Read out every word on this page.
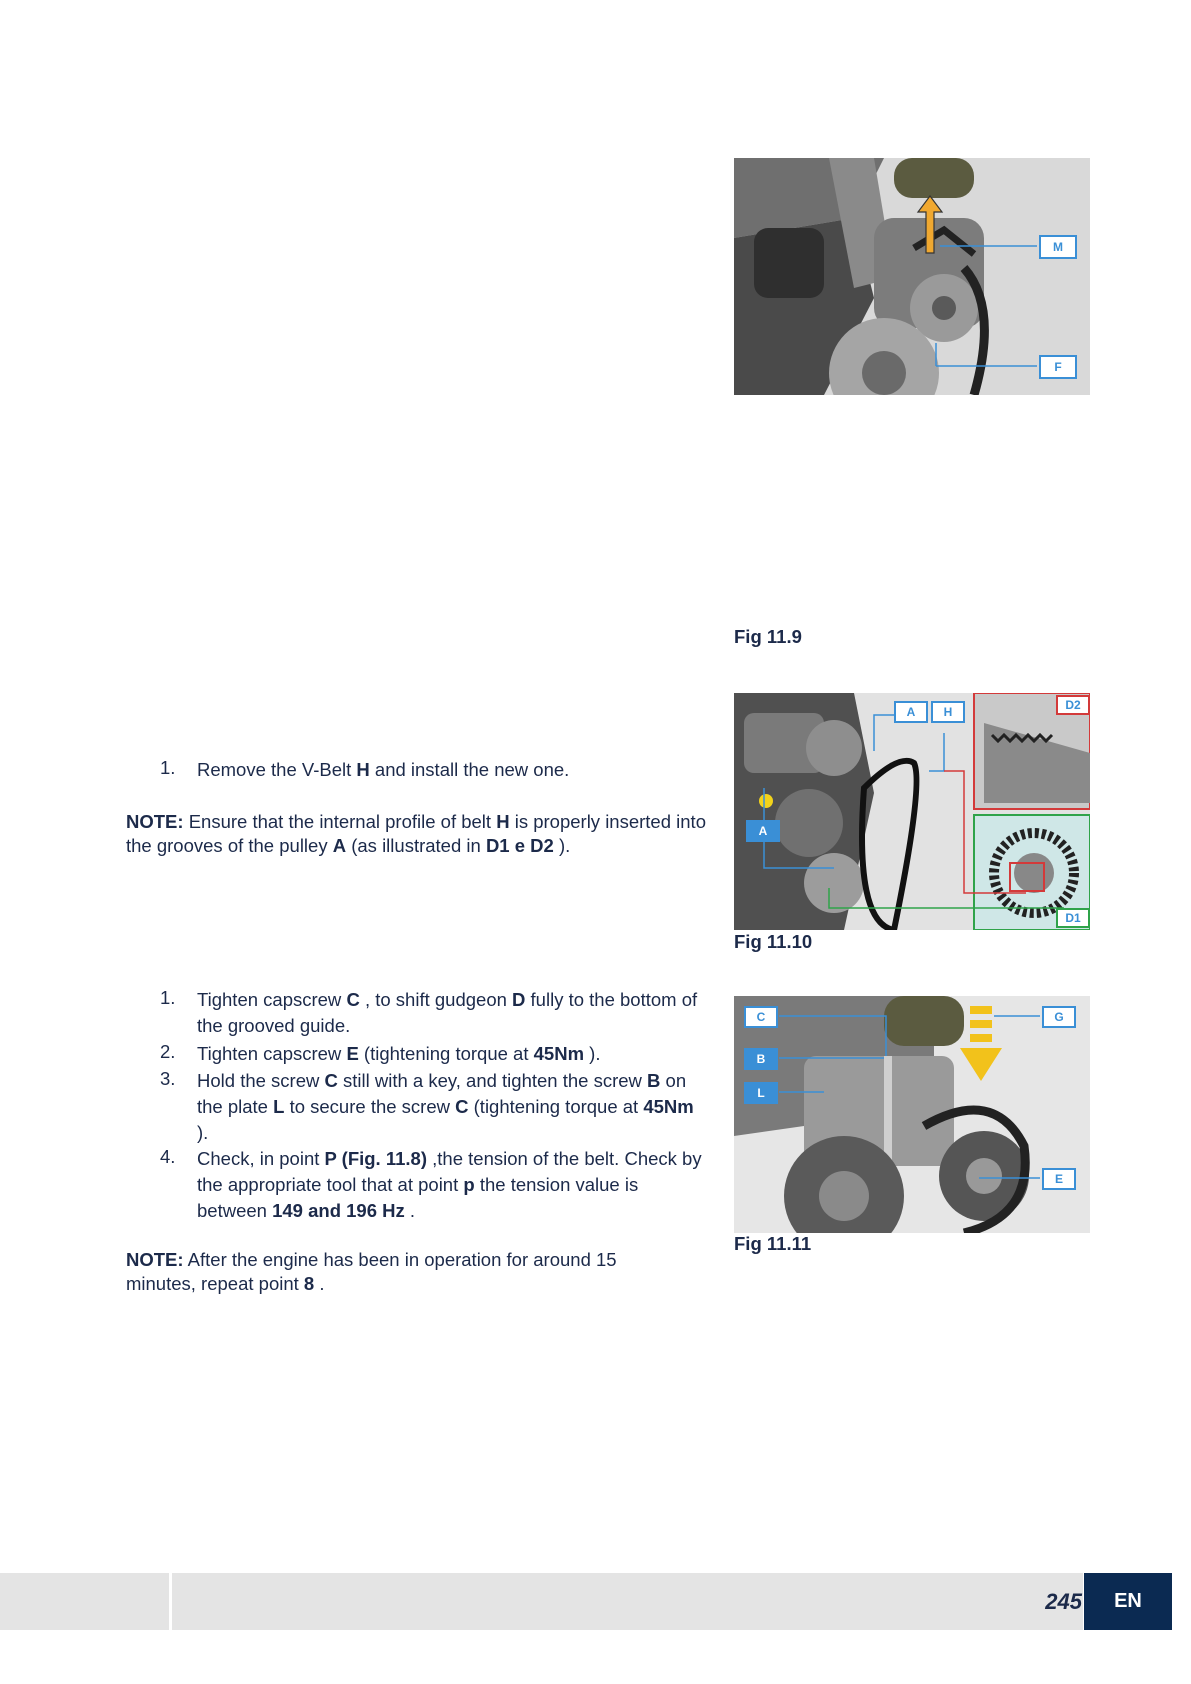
M
F
Fig 11.9
A	H
A
D2
D1
Fig 11.10
C	G
B
L
E
Fig 11.11
1.	Remove the V-Belt H and install the new one.
NOTE: Ensure that the internal profile of belt H is properly inserted into the grooves of the pulley A (as illustrated in D1 e D2 ).
1.	Tighten capscrew C , to shift gudgeon D fully to the bottom of the grooved guide.
2.	Tighten capscrew E (tightening torque at 45Nm ).
3.	Hold the screw C still with a key, and tighten the screw B on the plate L to secure the screw C (tightening torque at 45Nm ).
4.	Check, in point P (Fig. 11.8) ,the tension of the belt. Check by the appropriate tool that at point p the tension value is between 149 and 196 Hz .
NOTE: After the engine has been in operation for around 15 minutes, repeat point 8 .
245	EN
